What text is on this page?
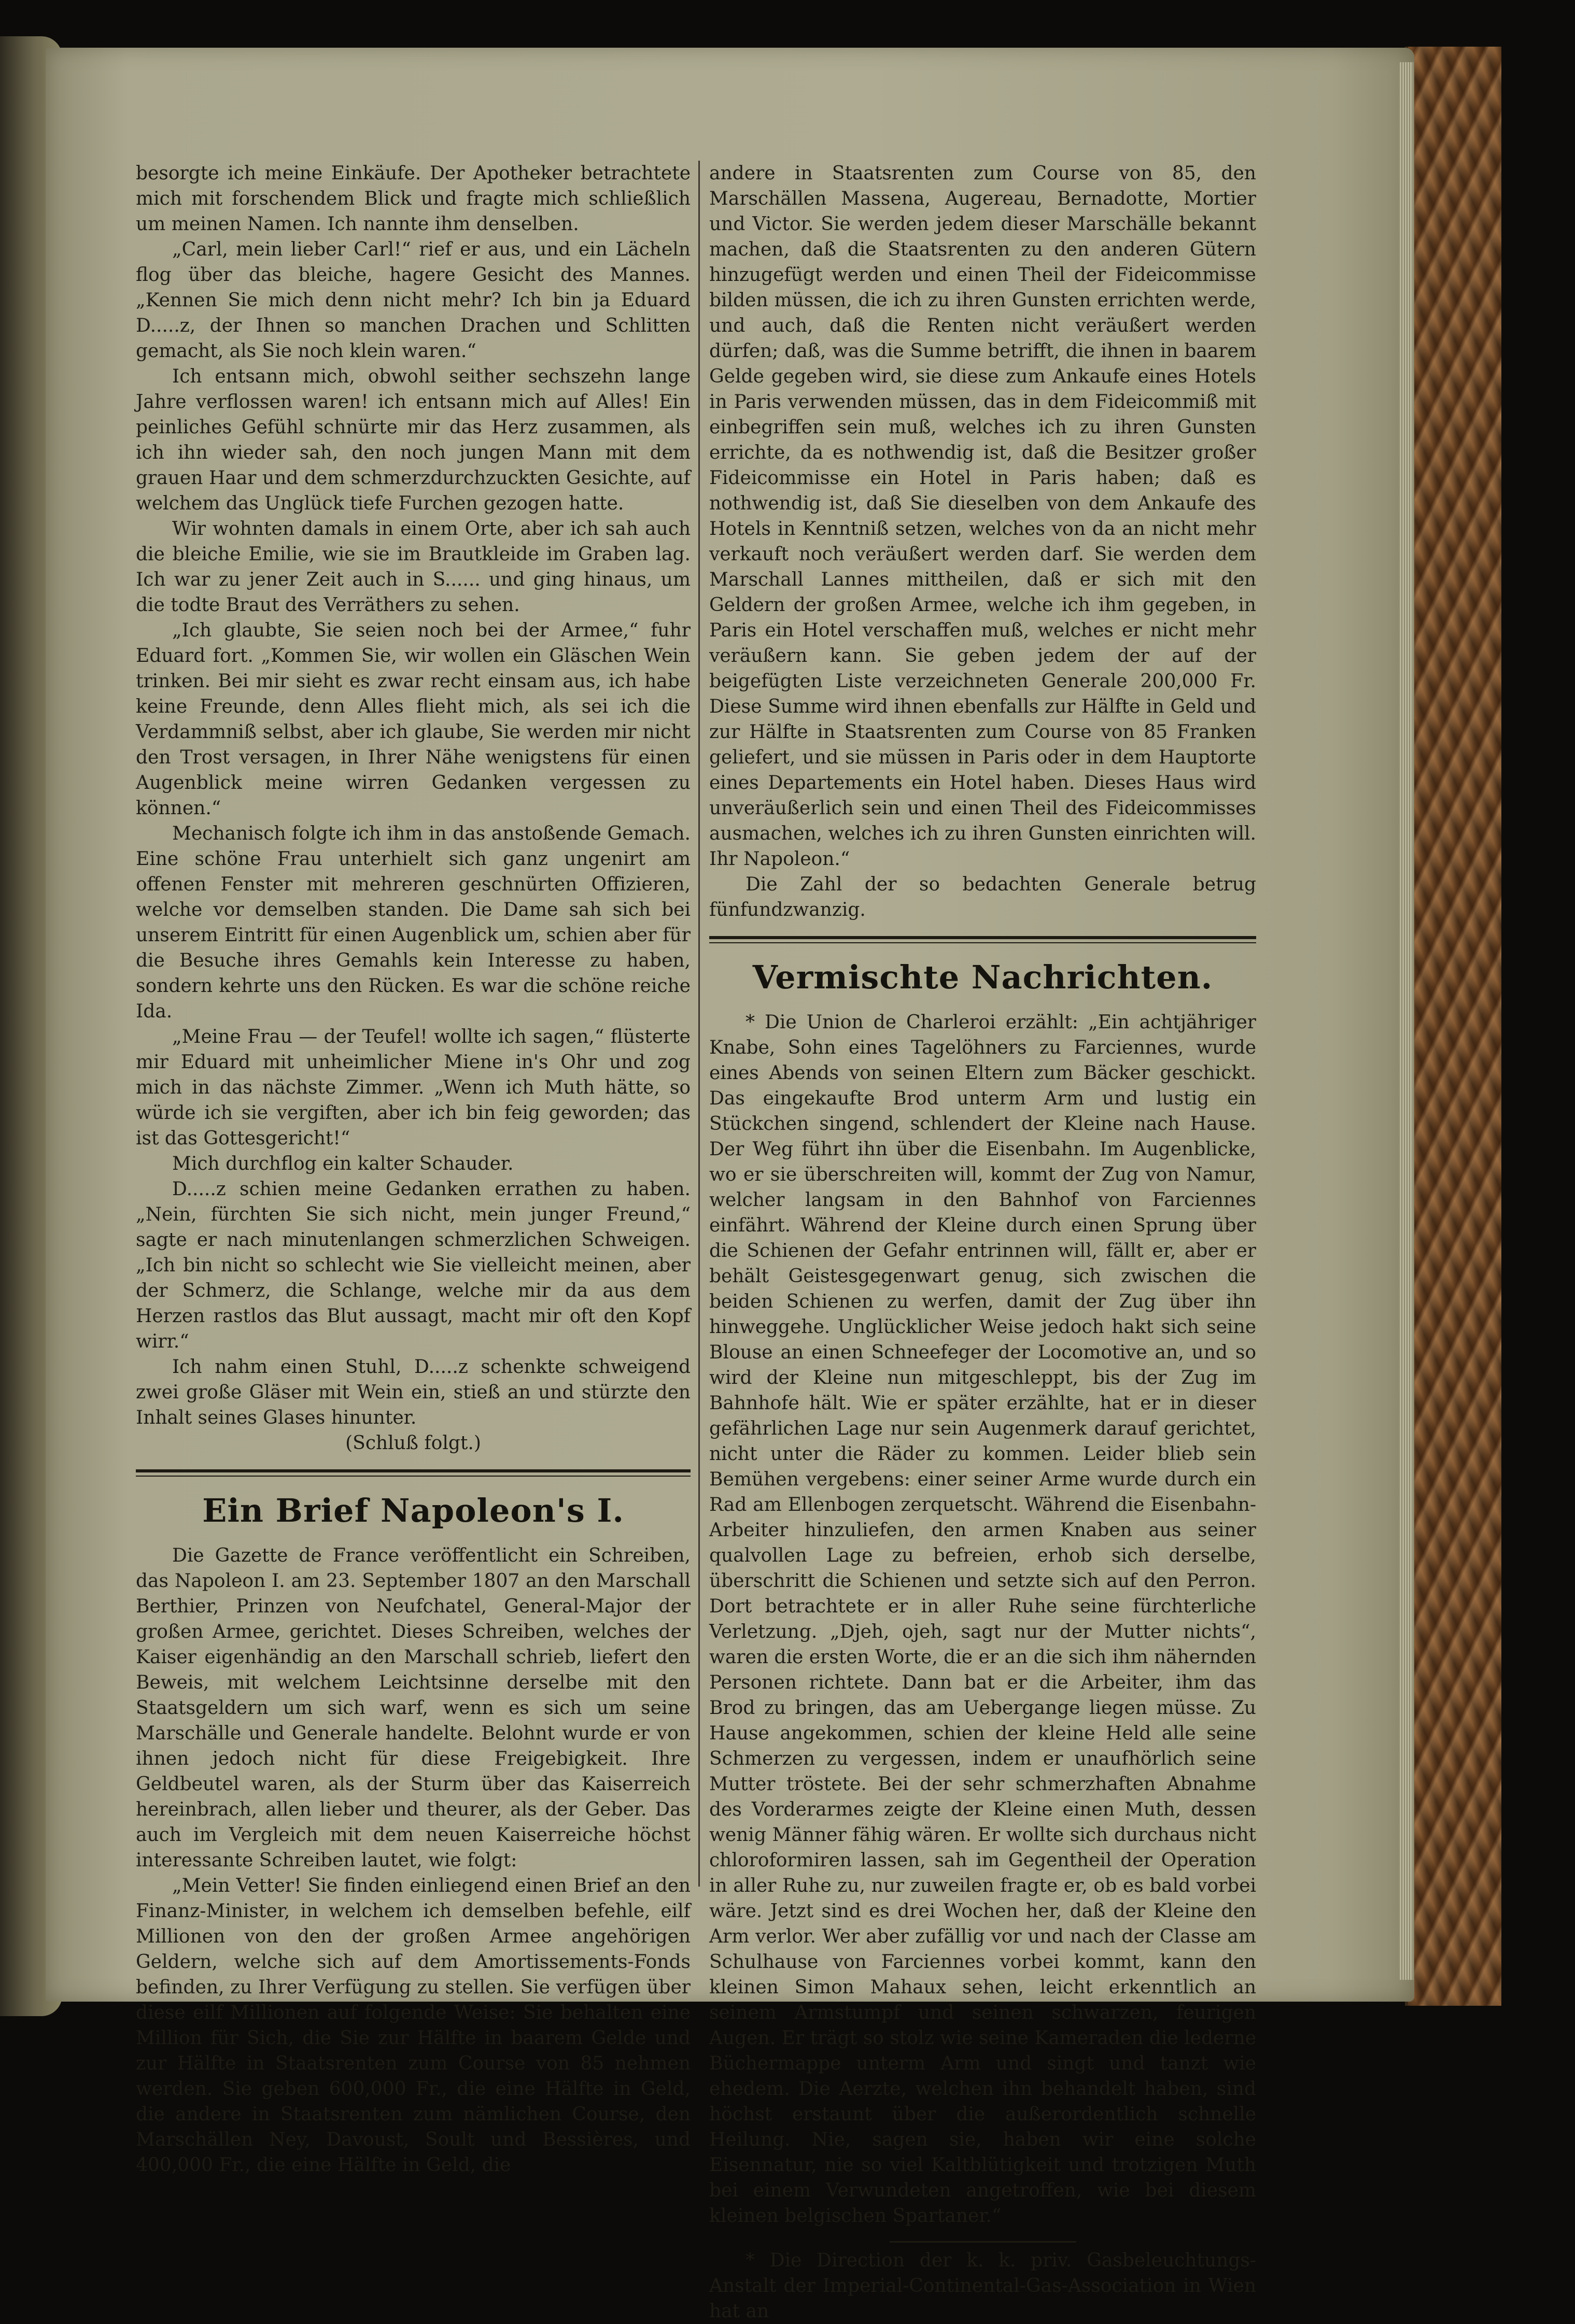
besorgte ich meine Einkäufe. Der Apotheker betrachtete mich mit forschendem Blick und fragte mich schließlich um meinen Namen. Ich nannte ihm denselben.

„Carl, mein lieber Carl!“ rief er aus, und ein Lächeln flog über das bleiche, hagere Gesicht des Mannes. „Kennen Sie mich denn nicht mehr? Ich bin ja Eduard D.....z, der Ihnen so manchen Drachen und Schlitten gemacht, als Sie noch klein waren.“

Ich entsann mich, obwohl seither sechszehn lange Jahre verflossen waren! ich entsann mich auf Alles! Ein peinliches Gefühl schnürte mir das Herz zusammen, als ich ihn wieder sah, den noch jungen Mann mit dem grauen Haar und dem schmerzdurchzuckten Gesichte, auf welchem das Unglück tiefe Furchen gezogen hatte.

Wir wohnten damals in einem Orte, aber ich sah auch die bleiche Emilie, wie sie im Brautkleide im Graben lag. Ich war zu jener Zeit auch in S...... und ging hinaus, um die todte Braut des Verräthers zu sehen.

„Ich glaubte, Sie seien noch bei der Armee,“ fuhr Eduard fort. „Kommen Sie, wir wollen ein Gläschen Wein trinken. Bei mir sieht es zwar recht einsam aus, ich habe keine Freunde, denn Alles flieht mich, als sei ich die Verdammniß selbst, aber ich glaube, Sie werden mir nicht den Trost versagen, in Ihrer Nähe wenigstens für einen Augenblick meine wirren Gedanken vergessen zu können.“

Mechanisch folgte ich ihm in das anstoßende Gemach. Eine schöne Frau unterhielt sich ganz ungenirt am offenen Fenster mit mehreren geschnürten Offizieren, welche vor demselben standen. Die Dame sah sich bei unserem Eintritt für einen Augenblick um, schien aber für die Besuche ihres Gemahls kein Interesse zu haben, sondern kehrte uns den Rücken. Es war die schöne reiche Ida.

„Meine Frau — der Teufel! wollte ich sagen,“ flüsterte mir Eduard mit unheimlicher Miene in's Ohr und zog mich in das nächste Zimmer. „Wenn ich Muth hätte, so würde ich sie vergiften, aber ich bin feig geworden; das ist das Gottesgericht!“

Mich durchflog ein kalter Schauder.

D.....z schien meine Gedanken errathen zu haben. „Nein, fürchten Sie sich nicht, mein junger Freund,“ sagte er nach minutenlangen schmerzlichen Schweigen. „Ich bin nicht so schlecht wie Sie vielleicht meinen, aber der Schmerz, die Schlange, welche mir da aus dem Herzen rastlos das Blut aussagt, macht mir oft den Kopf wirr.“

Ich nahm einen Stuhl, D.....z schenkte schweigend zwei große Gläser mit Wein ein, stieß an und stürzte den Inhalt seines Glases hinunter.

(Schluß folgt.)

Ein Brief Napoleon's I.

Die Gazette de France veröffentlicht ein Schreiben, das Napoleon I. am 23. September 1807 an den Marschall Berthier, Prinzen von Neufchatel, General-Major der großen Armee, gerichtet. Dieses Schreiben, welches der Kaiser eigenhändig an den Marschall schrieb, liefert den Beweis, mit welchem Leichtsinne derselbe mit den Staatsgeldern um sich warf, wenn es sich um seine Marschälle und Generale handelte. Belohnt wurde er von ihnen jedoch nicht für diese Freigebigkeit. Ihre Geldbeutel waren, als der Sturm über das Kaiserreich hereinbrach, allen lieber und theurer, als der Geber. Das auch im Vergleich mit dem neuen Kaiserreiche höchst interessante Schreiben lautet, wie folgt:

„Mein Vetter! Sie finden einliegend einen Brief an den Finanz-Minister, in welchem ich demselben befehle, eilf Millionen von den der großen Armee angehörigen Geldern, welche sich auf dem Amortissements-Fonds befinden, zu Ihrer Verfügung zu stellen. Sie verfügen über diese eilf Millionen auf folgende Weise: Sie behalten eine Million für Sich, die Sie zur Hälfte in baarem Gelde und zur Hälfte in Staatsrenten zum Course von 85 nehmen werden. Sie geben 600,000 Fr., die eine Hälfte in Geld, die andere in Staatsrenten zum nämlichen Course, den Marschällen Ney, Davoust, Soult und Bessières, und 400,000 Fr., die eine Hälfte in Geld, die

andere in Staatsrenten zum Course von 85, den Marschällen Massena, Augereau, Bernadotte, Mortier und Victor. Sie werden jedem dieser Marschälle bekannt machen, daß die Staatsrenten zu den anderen Gütern hinzugefügt werden und einen Theil der Fideicommisse bilden müssen, die ich zu ihren Gunsten errichten werde, und auch, daß die Renten nicht veräußert werden dürfen; daß, was die Summe betrifft, die ihnen in baarem Gelde gegeben wird, sie diese zum Ankaufe eines Hotels in Paris verwenden müssen, das in dem Fideicommiß mit einbegriffen sein muß, welches ich zu ihren Gunsten errichte, da es nothwendig ist, daß die Besitzer großer Fideicommisse ein Hotel in Paris haben; daß es nothwendig ist, daß Sie dieselben von dem Ankaufe des Hotels in Kenntniß setzen, welches von da an nicht mehr verkauft noch veräußert werden darf. Sie werden dem Marschall Lannes mittheilen, daß er sich mit den Geldern der großen Armee, welche ich ihm gegeben, in Paris ein Hotel verschaffen muß, welches er nicht mehr veräußern kann. Sie geben jedem der auf der beigefügten Liste verzeichneten Generale 200,000 Fr. Diese Summe wird ihnen ebenfalls zur Hälfte in Geld und zur Hälfte in Staatsrenten zum Course von 85 Franken geliefert, und sie müssen in Paris oder in dem Hauptorte eines Departements ein Hotel haben. Dieses Haus wird unveräußerlich sein und einen Theil des Fideicommisses ausmachen, welches ich zu ihren Gunsten einrichten will. Ihr Napoleon.“

Die Zahl der so bedachten Generale betrug fünfundzwanzig.

Vermischte Nachrichten.

* Die Union de Charleroi erzählt: „Ein achtjähriger Knabe, Sohn eines Tagelöhners zu Farciennes, wurde eines Abends von seinen Eltern zum Bäcker geschickt. Das eingekaufte Brod unterm Arm und lustig ein Stückchen singend, schlendert der Kleine nach Hause. Der Weg führt ihn über die Eisenbahn. Im Augenblicke, wo er sie überschreiten will, kommt der Zug von Namur, welcher langsam in den Bahnhof von Farciennes einfährt. Während der Kleine durch einen Sprung über die Schienen der Gefahr entrinnen will, fällt er, aber er behält Geistesgegenwart genug, sich zwischen die beiden Schienen zu werfen, damit der Zug über ihn hinweggehe. Unglücklicher Weise jedoch hakt sich seine Blouse an einen Schneefeger der Locomotive an, und so wird der Kleine nun mitgeschleppt, bis der Zug im Bahnhofe hält. Wie er später erzählte, hat er in dieser gefährlichen Lage nur sein Augenmerk darauf gerichtet, nicht unter die Räder zu kommen. Leider blieb sein Bemühen vergebens: einer seiner Arme wurde durch ein Rad am Ellenbogen zerquetscht. Während die Eisenbahn-Arbeiter hinzuliefen, den armen Knaben aus seiner qualvollen Lage zu befreien, erhob sich derselbe, überschritt die Schienen und setzte sich auf den Perron. Dort betrachtete er in aller Ruhe seine fürchterliche Verletzung. „Djeh, ojeh, sagt nur der Mutter nichts“, waren die ersten Worte, die er an die sich ihm nähernden Personen richtete. Dann bat er die Arbeiter, ihm das Brod zu bringen, das am Uebergange liegen müsse. Zu Hause angekommen, schien der kleine Held alle seine Schmerzen zu vergessen, indem er unaufhörlich seine Mutter tröstete. Bei der sehr schmerzhaften Abnahme des Vorderarmes zeigte der Kleine einen Muth, dessen wenig Männer fähig wären. Er wollte sich durchaus nicht chloroformiren lassen, sah im Gegentheil der Operation in aller Ruhe zu, nur zuweilen fragte er, ob es bald vorbei wäre. Jetzt sind es drei Wochen her, daß der Kleine den Arm verlor. Wer aber zufällig vor und nach der Classe am Schulhause von Farciennes vorbei kommt, kann den kleinen Simon Mahaux sehen, leicht erkenntlich an seinem Armstumpf und seinen schwarzen, feurigen Augen. Er trägt so stolz wie seine Kameraden die lederne Büchermappe unterm Arm und singt und tanzt wie ehedem. Die Aerzte, welchen ihn behandelt haben, sind höchst erstaunt über die außerordentlich schnelle Heilung. Nie, sagen sie, haben wir eine solche Eisennatur, nie so viel Kaltblütigkeit und trotzigen Muth bei einem Verwundeten angetroffen, wie bei diesem kleinen belgischen Spartaner.“

* Die Direction der k. k. priv. Gasbeleuchtungs-Anstalt der Imperial-Continental-Gas-Association in Wien hat an
